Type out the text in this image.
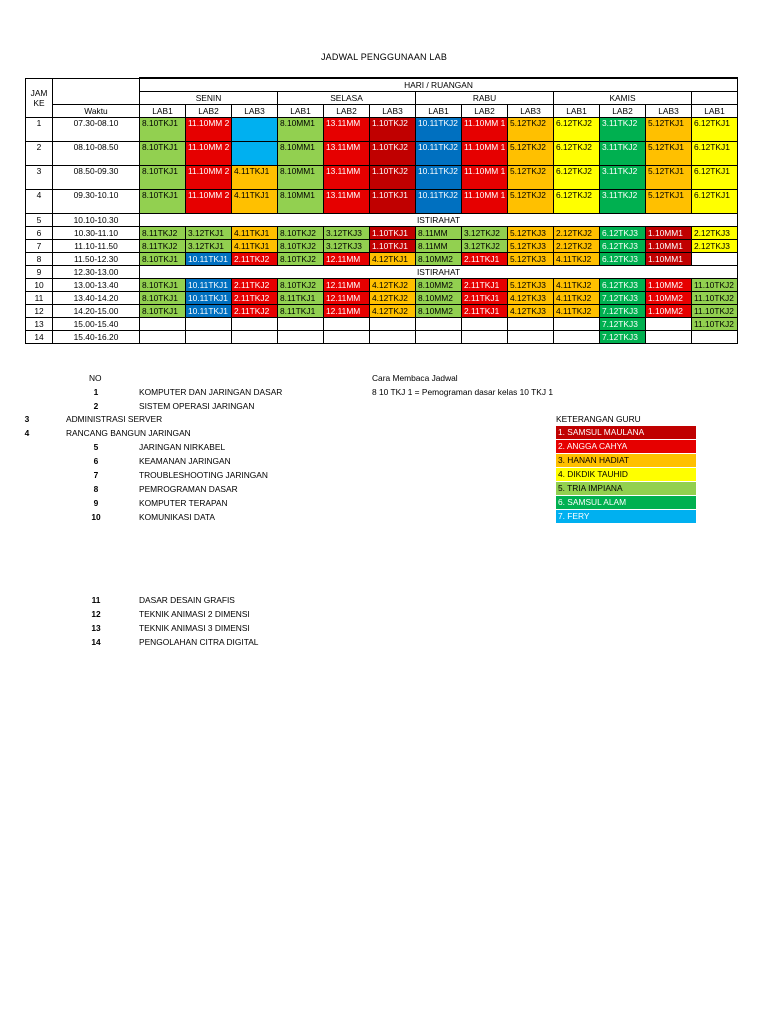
JADWAL PENGGUNAAN LAB
JAM KE		HARI / RUANGAN												
		SENIN			SELASA			RABU			KAMIS			
	Waktu	LAB1	LAB2	LAB3	LAB1	LAB2	LAB3	LAB1	LAB2	LAB3	LAB1	LAB2	LAB3	LAB1
1	07.30-08.10	8.10TKJ1	11.10MM 2		8.10MM1	13.11MM	1.10TKJ2	10.11TKJ2	11.10MM 1	5.12TKJ2	6.12TKJ2	3.11TKJ2	5.12TKJ1	6.12TKJ1
2	08.10-08.50	8.10TKJ1	11.10MM 2		8.10MM1	13.11MM	1.10TKJ2	10.11TKJ2	11.10MM 1	5.12TKJ2	6.12TKJ2	3.11TKJ2	5.12TKJ1	6.12TKJ1
3	08.50-09.30	8.10TKJ1	11.10MM 2	4.11TKJ1	8.10MM1	13.11MM	1.10TKJ2	10.11TKJ2	11.10MM 1	5.12TKJ2	6.12TKJ2	3.11TKJ2	5.12TKJ1	6.12TKJ1
4	09.30-10.10	8.10TKJ1	11.10MM 2	4.11TKJ1	8.10MM1	13.11MM	1.10TKJ1	10.11TKJ2	11.10MM 1	5.12TKJ2	6.12TKJ2	3.11TKJ2	5.12TKJ1	6.12TKJ1
5	10.10-10.30	ISTIRAHAT												
6	10.30-11.10	8.11TKJ2	3.12TKJ1	4.11TKJ1	8.10TKJ2	3.12TKJ3	1.10TKJ1	8.11MM	3.12TKJ2	5.12TKJ3	2.12TKJ2	6.12TKJ3	1.10MM1	2.12TKJ3
7	11.10-11.50	8.11TKJ2	3.12TKJ1	4.11TKJ1	8.10TKJ2	3.12TKJ3	1.10TKJ1	8.11MM	3.12TKJ2	5.12TKJ3	2.12TKJ2	6.12TKJ3	1.10MM1	2.12TKJ3
8	11.50-12.30	8.10TKJ1	10.11TKJ1	2.11TKJ2	8.10TKJ2	12.11MM	4.12TKJ1	8.10MM2	2.11TKJ1	5.12TKJ3	4.11TKJ2	6.12TKJ3	1.10MM1	
9	12.30-13.00	ISTIRAHAT												
10	13.00-13.40	8.10TKJ1	10.11TKJ1	2.11TKJ2	8.10TKJ2	12.11MM	4.12TKJ2	8.10MM2	2.11TKJ1	5.12TKJ3	4.11TKJ2	6.12TKJ3	1.10MM2	11.10TKJ2
11	13.40-14.20	8.10TKJ1	10.11TKJ1	2.11TKJ2	8.11TKJ1	12.11MM	4.12TKJ2	8.10MM2	2.11TKJ1	4.12TKJ3	4.11TKJ2	7.12TKJ3	1.10MM2	11.10TKJ2
12	14.20-15.00	8.10TKJ1	10.11TKJ1	2.11TKJ2	8.11TKJ1	12.11MM	4.12TKJ2	8.10MM2	2.11TKJ1	4.12TKJ3	4.11TKJ2	7.12TKJ3	1.10MM2	11.10TKJ2
13	15.00-15.40											7.12TKJ3		11.10TKJ2
14	15.40-16.20											7.12TKJ3		
NO
1	KOMPUTER DAN JARINGAN DASAR
2	SISTEM OPERASI JARINGAN
3	ADMINISTRASI SERVER
4	RANCANG BANGUN JARINGAN
5	JARINGAN NIRKABEL
6	KEAMANAN JARINGAN
7	TROUBLESHOOTING JARINGAN
8	PEMROGRAMAN DASAR
9	KOMPUTER TERAPAN
10	KOMUNIKASI DATA
11	DASAR DESAIN GRAFIS
12	TEKNIK ANIMASI 2 DIMENSI
13	TEKNIK ANIMASI 3 DIMENSI
14	PENGOLAHAN CITRA DIGITAL
Cara Membaca Jadwal
8 10 TKJ 1 = Pemograman dasar kelas 10 TKJ 1
KETERANGAN GURU
1. SAMSUL MAULANA
2. ANGGA CAHYA
3. HANAN HADIAT
4. DIKDIK TAUHID
5. TRIA IMPIANA
6. SAMSUL ALAM
7. FERY
